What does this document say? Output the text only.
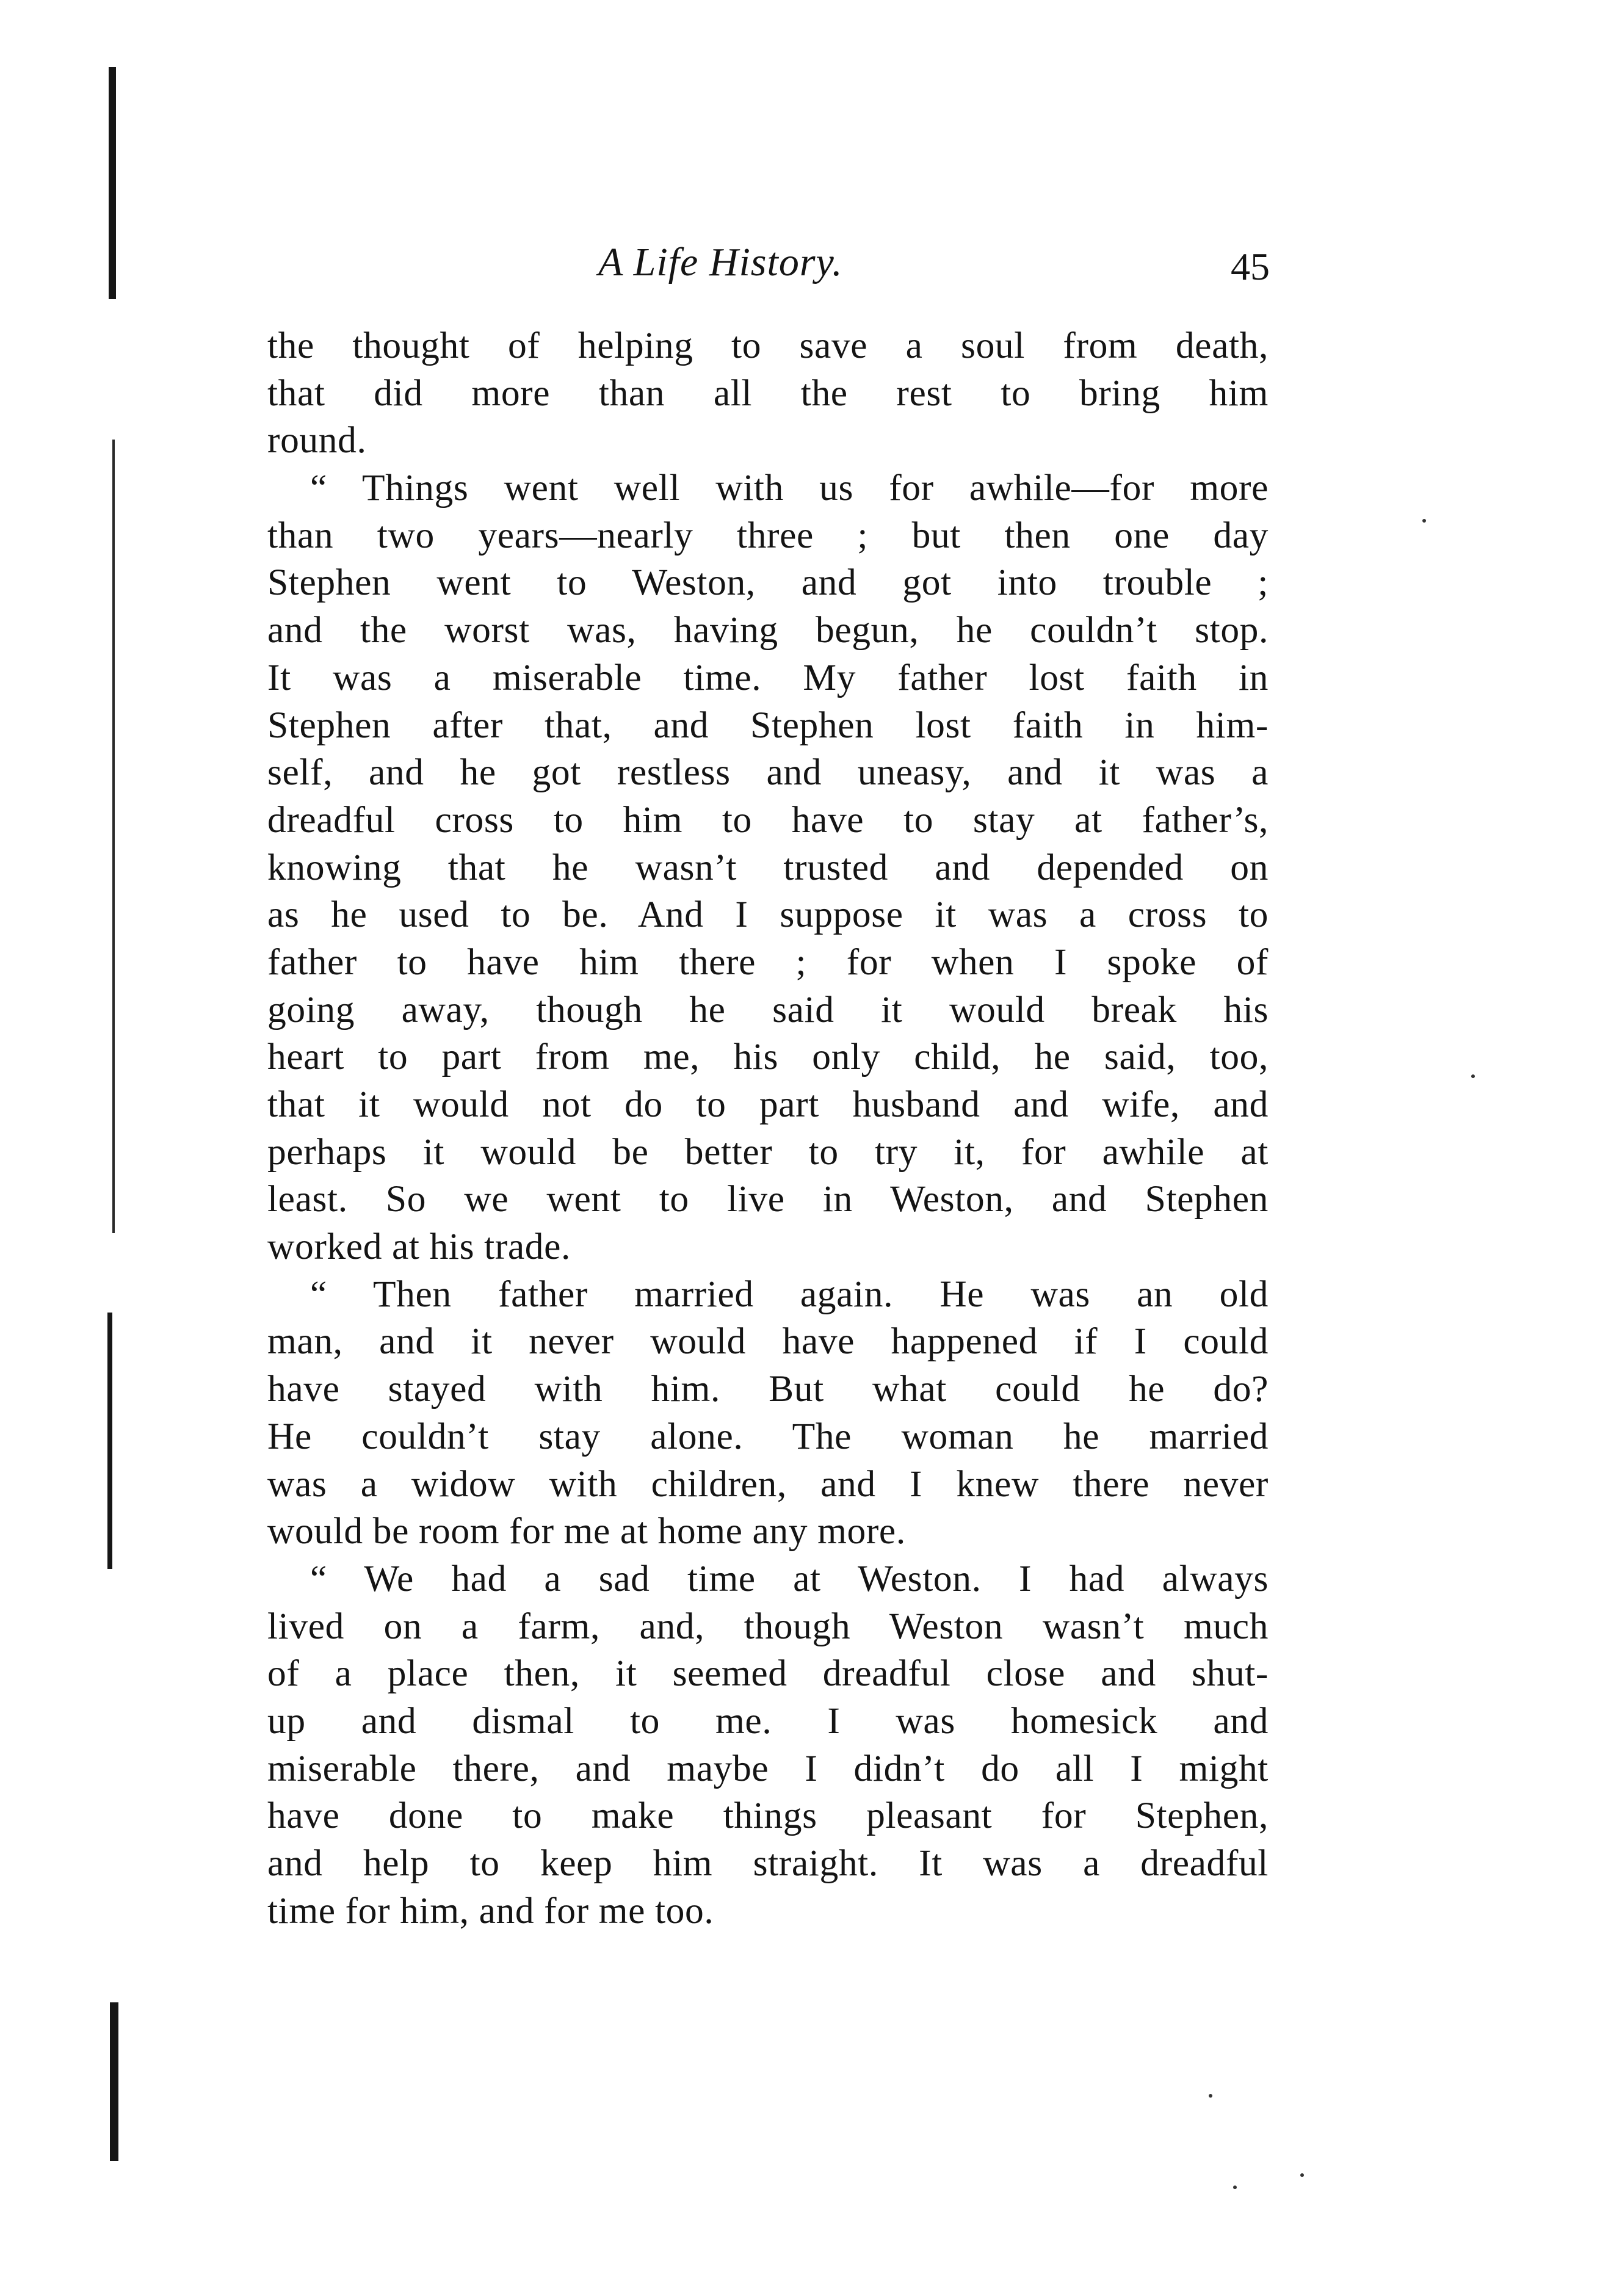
A Life History.	45
the thought of helping to save a soul from death,
that did more than all the rest to bring him
round.
“ Things went well with us for awhile—for more
than two years—nearly three ; but then one day
Stephen went to Weston, and got into trouble ;
and the worst was, having begun, he couldn’t stop.
It was a miserable time. My father lost faith in
Stephen after that, and Stephen lost faith in him-
self, and he got restless and uneasy, and it was a
dreadful cross to him to have to stay at father’s,
knowing that he wasn’t trusted and depended on
as he used to be. And I suppose it was a cross to
father to have him there ; for when I spoke of
going away, though he said it would break his
heart to part from me, his only child, he said, too,
that it would not do to part husband and wife, and
perhaps it would be better to try it, for awhile at
least. So we went to live in Weston, and Stephen
worked at his trade.
“ Then father married again. He was an old
man, and it never would have happened if I could
have stayed with him. But what could he do?
He couldn’t stay alone. The woman he married
was a widow with children, and I knew there never
would be room for me at home any more.
“ We had a sad time at Weston. I had always
lived on a farm, and, though Weston wasn’t much
of a place then, it seemed dreadful close and shut-
up and dismal to me. I was homesick and
miserable there, and maybe I didn’t do all I might
have done to make things pleasant for Stephen,
and help to keep him straight. It was a dreadful
time for him, and for me too.
